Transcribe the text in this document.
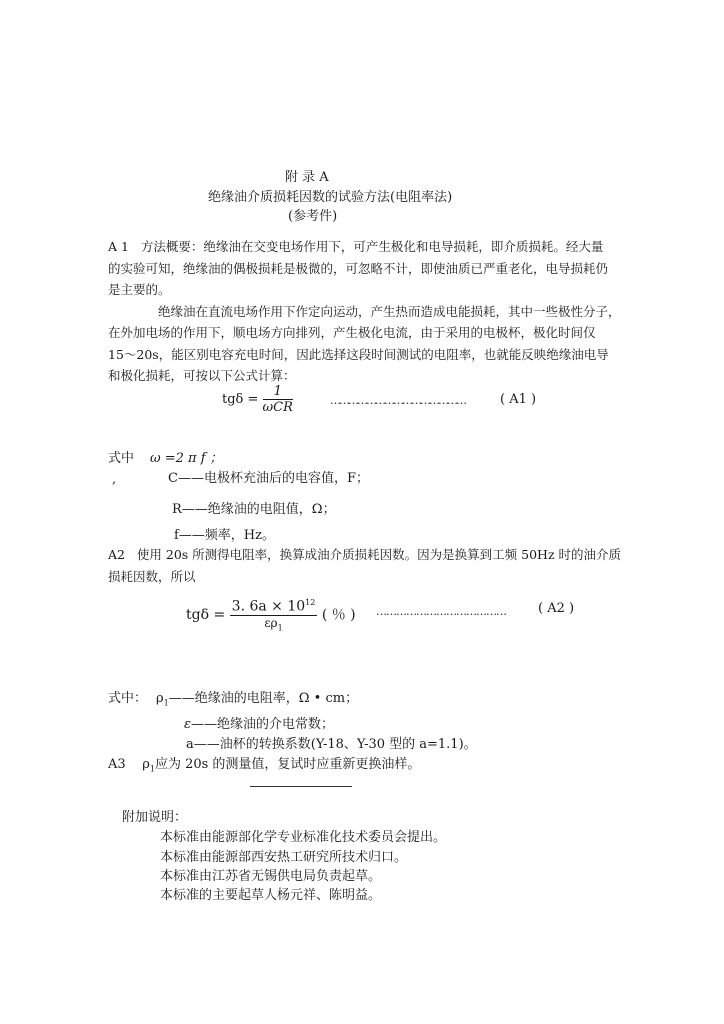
附 录 A
绝缘油介质损耗因数的试验方法(电阻率法)
(参考件)
A 1 方法概要：绝缘油在交变电场作用下，可产生极化和电导损耗，即介质损耗。经大量
的实验可知，绝缘油的偶极损耗是极微的，可忽略不计，即使油质已严重老化，电导损耗仍
是主要的。
绝缘油在直流电场作用下作定向运动，产生热而造成电能损耗，其中一些极性分子，
在外加电场的作用下，顺电场方向排列，产生极化电流，由于采用的电极杯，极化时间仅
15～20s，能区别电容充电时间，因此选择这段时间测试的电阻率，也就能反映绝缘油电导
和极化损耗，可按以下公式计算：
$tg\delta = \frac{1}{\text{ωCR}}$	………………………………………	( A1 )
式中 ω =2 π f ；
,	C——电极杯充油后的电容值，F；
R——绝缘油的电阻值，Ω；
f——频率，Hz。
A2 使用 20s 所测得电阻率，换算成油介质损耗因数。因为是换算到工频 50Hz 时的油介质
损耗因数，所以
$tg\delta = \frac{3. 6a \times 10^{12}}{\varepsilon\rho_1}$ ( ％ ) ………………………………… ( A2 )
式中： $\rho_1——$绝缘油的电阻率，Ω • cm；
ε——绝缘油的介电常数；
a——油杯的转换系数(Y-18、Y-30 型的 a=1.1)。
A3 $\rho_1$应为 20s 的测量值，复试时应重新更换油样。
附加说明：
本标准由能源部化学专业标准化技术委员会提出。
本标准由能源部西安热工研究所技术归口。
本标准由江苏省无锡供电局负责起草。
本标准的主要起草人杨元祥、陈明益。
